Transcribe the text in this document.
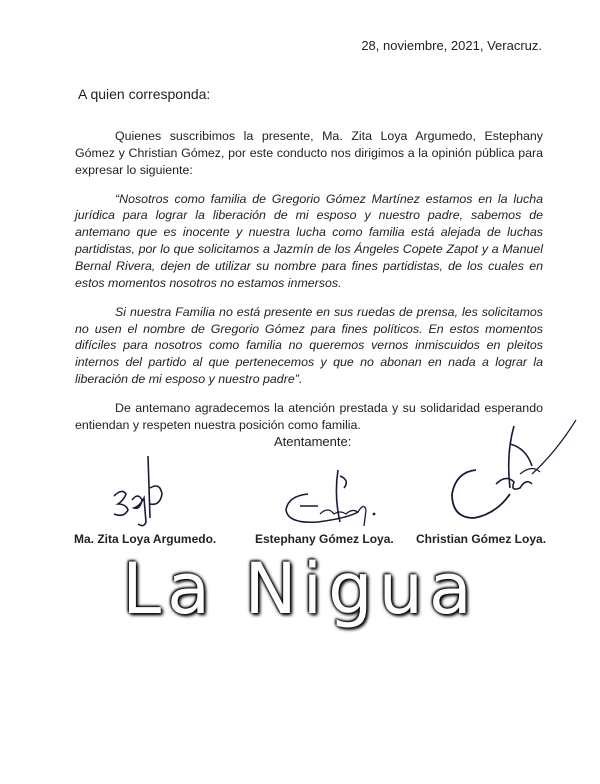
28, noviembre, 2021, Veracruz.
A quien corresponda:

Quienes suscribimos la presente, Ma. Zita Loya Argumedo, Estephany Gómez y Christian Gómez, por este conducto nos dirigimos a la opinión pública para expresar lo siguiente:

“Nosotros como familia de Gregorio Gómez Martínez estamos en la lucha jurídica para lograr la liberación de mi esposo y nuestro padre, sabemos de antemano que es inocente y nuestra lucha como familia está alejada de luchas partidistas, por lo que solicitamos a Jazmín de los Ángeles Copete Zapot y a Manuel Bernal Rivera, dejen de utilizar su nombre para fines partidistas, de los cuales en estos momentos nosotros no estamos inmersos.

Si nuestra Familia no está presente en sus ruedas de prensa, les solicitamos no usen el nombre de Gregorio Gómez para fines políticos. En estos momentos difíciles para nosotros como familia no queremos vernos inmiscuidos en pleitos internos del partido al que pertenecemos y que no abonan en nada a lograr la liberación de mi esposo y nuestro padre”.

De antemano agradecemos la atención prestada y su solidaridad esperando entiendan y respeten nuestra posición como familia.

Atentamente:
Ma. Zita Loya Argumedo.	Estephany Gómez Loya. Christian Gómez Loya.
La Nigua
